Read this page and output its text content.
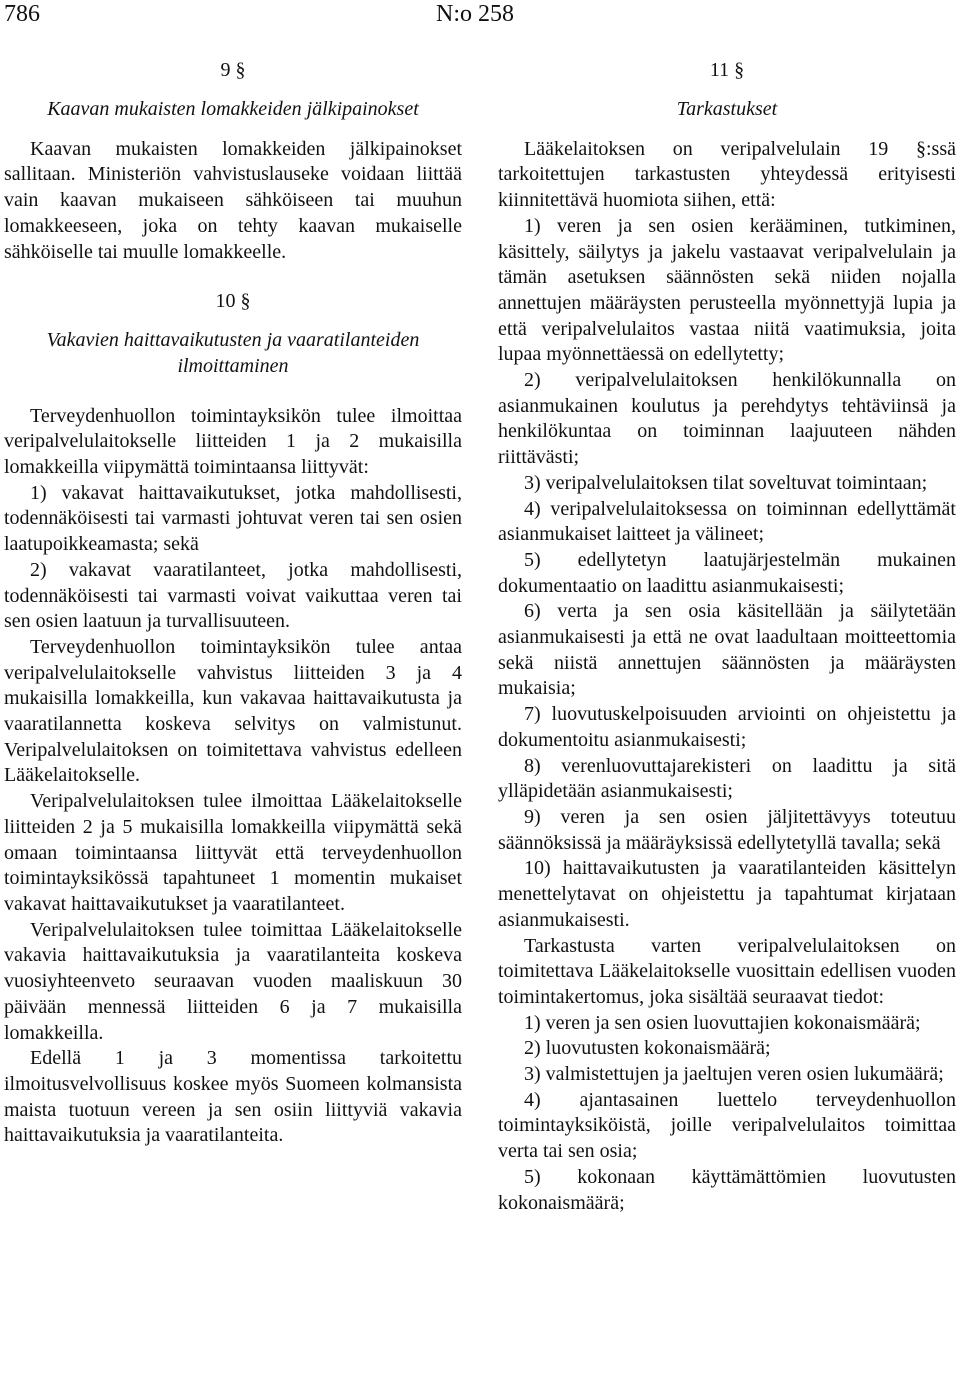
786	N:o 258

9 §

Kaavan mukaisten lomakkeiden jälkipainokset

Kaavan mukaisten lomakkeiden jälkipainokset sallitaan. Ministeriön vahvistuslauseke voidaan liittää vain kaavan mukaiseen sähköiseen tai muuhun lomakkeeseen, joka on tehty kaavan mukaiselle sähköiselle tai muulle lomakkeelle.

10 §

Vakavien haittavaikutusten ja vaaratilanteiden ilmoittaminen

Terveydenhuollon toimintayksikön tulee ilmoittaa veripalvelulaitokselle liitteiden 1 ja 2 mukaisilla lomakkeilla viipymättä toimintaansa liittyvät:

1) vakavat haittavaikutukset, jotka mahdollisesti, todennäköisesti tai varmasti johtuvat veren tai sen osien laatupoikkeamasta; sekä

2) vakavat vaaratilanteet, jotka mahdollisesti, todennäköisesti tai varmasti voivat vaikuttaa veren tai sen osien laatuun ja turvallisuuteen.

Terveydenhuollon toimintayksikön tulee antaa veripalvelulaitokselle vahvistus liitteiden 3 ja 4 mukaisilla lomakkeilla, kun vakavaa haittavaikutusta ja vaaratilannetta koskeva selvitys on valmistunut. Veripalvelulaitoksen on toimitettava vahvistus edelleen Lääkelaitokselle.

Veripalvelulaitoksen tulee ilmoittaa Lääkelaitokselle liitteiden 2 ja 5 mukaisilla lomakkeilla viipymättä sekä omaan toimintaansa liittyvät että terveydenhuollon toimintayksikössä tapahtuneet 1 momentin mukaiset vakavat haittavaikutukset ja vaaratilanteet.

Veripalvelulaitoksen tulee toimittaa Lääkelaitokselle vakavia haittavaikutuksia ja vaaratilanteita koskeva vuosiyhteenveto seuraavan vuoden maaliskuun 30 päivään mennessä liitteiden 6 ja 7 mukaisilla lomakkeilla.

Edellä 1 ja 3 momentissa tarkoitettu ilmoitusvelvollisuus koskee myös Suomeen kolmansista maista tuotuun vereen ja sen osiin liittyviä vakavia haittavaikutuksia ja vaaratilanteita.

11 §

Tarkastukset

Lääkelaitoksen on veripalvelulain 19 §:ssä tarkoitettujen tarkastusten yhteydessä erityisesti kiinnitettävä huomiota siihen, että:

1) veren ja sen osien kerääminen, tutkiminen, käsittely, säilytys ja jakelu vastaavat veripalvelulain ja tämän asetuksen säännösten sekä niiden nojalla annettujen määräysten perusteella myönnettyjä lupia ja että veripalvelulaitos vastaa niitä vaatimuksia, joita lupaa myönnettäessä on edellytetty;

2) veripalvelulaitoksen henkilökunnalla on asianmukainen koulutus ja perehdytys tehtäviinsä ja henkilökuntaa on toiminnan laajuuteen nähden riittävästi;

3) veripalvelulaitoksen tilat soveltuvat toimintaan;

4) veripalvelulaitoksessa on toiminnan edellyttämät asianmukaiset laitteet ja välineet;

5) edellytetyn laatujärjestelmän mukainen dokumentaatio on laadittu asianmukaisesti;

6) verta ja sen osia käsitellään ja säilytetään asianmukaisesti ja että ne ovat laadultaan moitteettomia sekä niistä annettujen säännösten ja määräysten mukaisia;

7) luovutuskelpoisuuden arviointi on ohjeistettu ja dokumentoitu asianmukaisesti;

8) verenluovuttajarekisteri on laadittu ja sitä ylläpidetään asianmukaisesti;

9) veren ja sen osien jäljitettävyys toteutuu säännöksissä ja määräyksissä edellytetyllä tavalla; sekä

10) haittavaikutusten ja vaaratilanteiden käsittelyn menettelytavat on ohjeistettu ja tapahtumat kirjataan asianmukaisesti.

Tarkastusta varten veripalvelulaitoksen on toimitettava Lääkelaitokselle vuosittain edellisen vuoden toimintakertomus, joka sisältää seuraavat tiedot:

1) veren ja sen osien luovuttajien kokonaismäärä;

2) luovutusten kokonaismäärä;

3) valmistettujen ja jaeltujen veren osien lukumäärä;

4) ajantasainen luettelo terveydenhuollon toimintayksiköistä, joille veripalvelulaitos toimittaa verta tai sen osia;

5) kokonaan käyttämättömien luovutusten kokonaismäärä;
